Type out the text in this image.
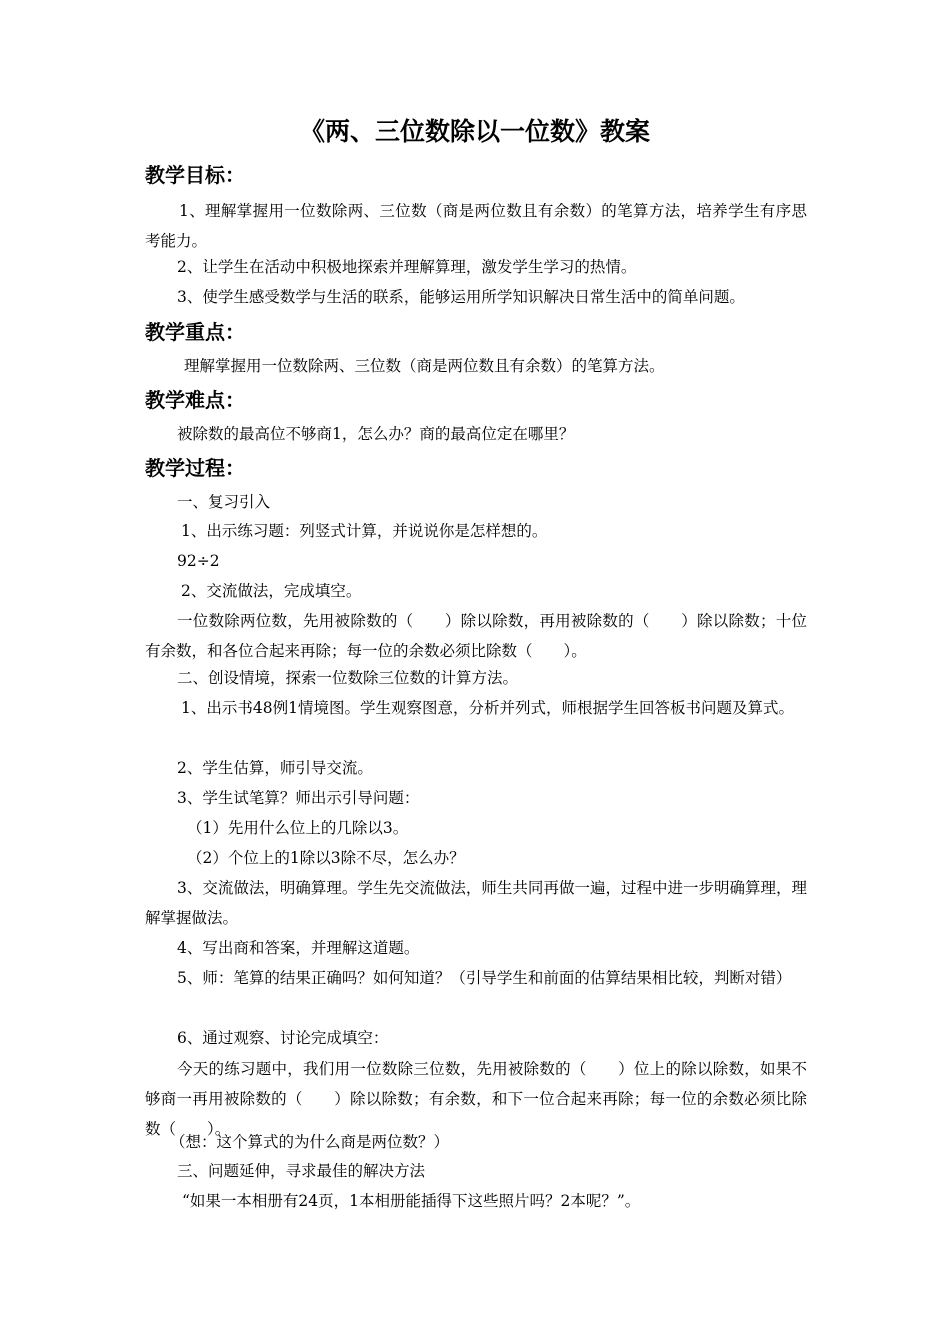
《两、三位数除以一位数》教案
教学目标：
1、理解掌握用一位数除两、三位数（商是两位数且有余数）的笔算方法，培养学生有序思考能力。
2、让学生在活动中积极地探索并理解算理，激发学生学习的热情。
3、使学生感受数学与生活的联系，能够运用所学知识解决日常生活中的简单问题。
教学重点：
理解掌握用一位数除两、三位数（商是两位数且有余数）的笔算方法。
教学难点：
被除数的最高位不够商1，怎么办？商的最高位定在哪里？
教学过程：
一、复习引入
1、出示练习题：列竖式计算，并说说你是怎样想的。
92÷2
2、交流做法，完成填空。
一位数除两位数，先用被除数的（　　）除以除数，再用被除数的（　　）除以除数；十位有余数，和各位合起来再除；每一位的余数必须比除数（　　）。
二、创设情境，探索一位数除三位数的计算方法。
1、出示书48例1情境图。学生观察图意，分析并列式，师根据学生回答板书问题及算式。
2、学生估算，师引导交流。
3、学生试笔算？师出示引导问题：
（1）先用什么位上的几除以3。
（2）个位上的1除以3除不尽，怎么办？
3、交流做法，明确算理。学生先交流做法，师生共同再做一遍，过程中进一步明确算理，理解掌握做法。
4、写出商和答案，并理解这道题。
5、师：笔算的结果正确吗？如何知道？（引导学生和前面的估算结果相比较，判断对错）
6、通过观察、讨论完成填空：
今天的练习题中，我们用一位数除三位数，先用被除数的（　　）位上的除以除数，如果不够商一再用被除数的（　　）除以除数；有余数，和下一位合起来再除；每一位的余数必须比除数（　　）。
（想：这个算式的为什么商是两位数？）
三、问题延伸，寻求最佳的解决方法
“如果一本相册有24页，1本相册能插得下这些照片吗？2本呢？”。
